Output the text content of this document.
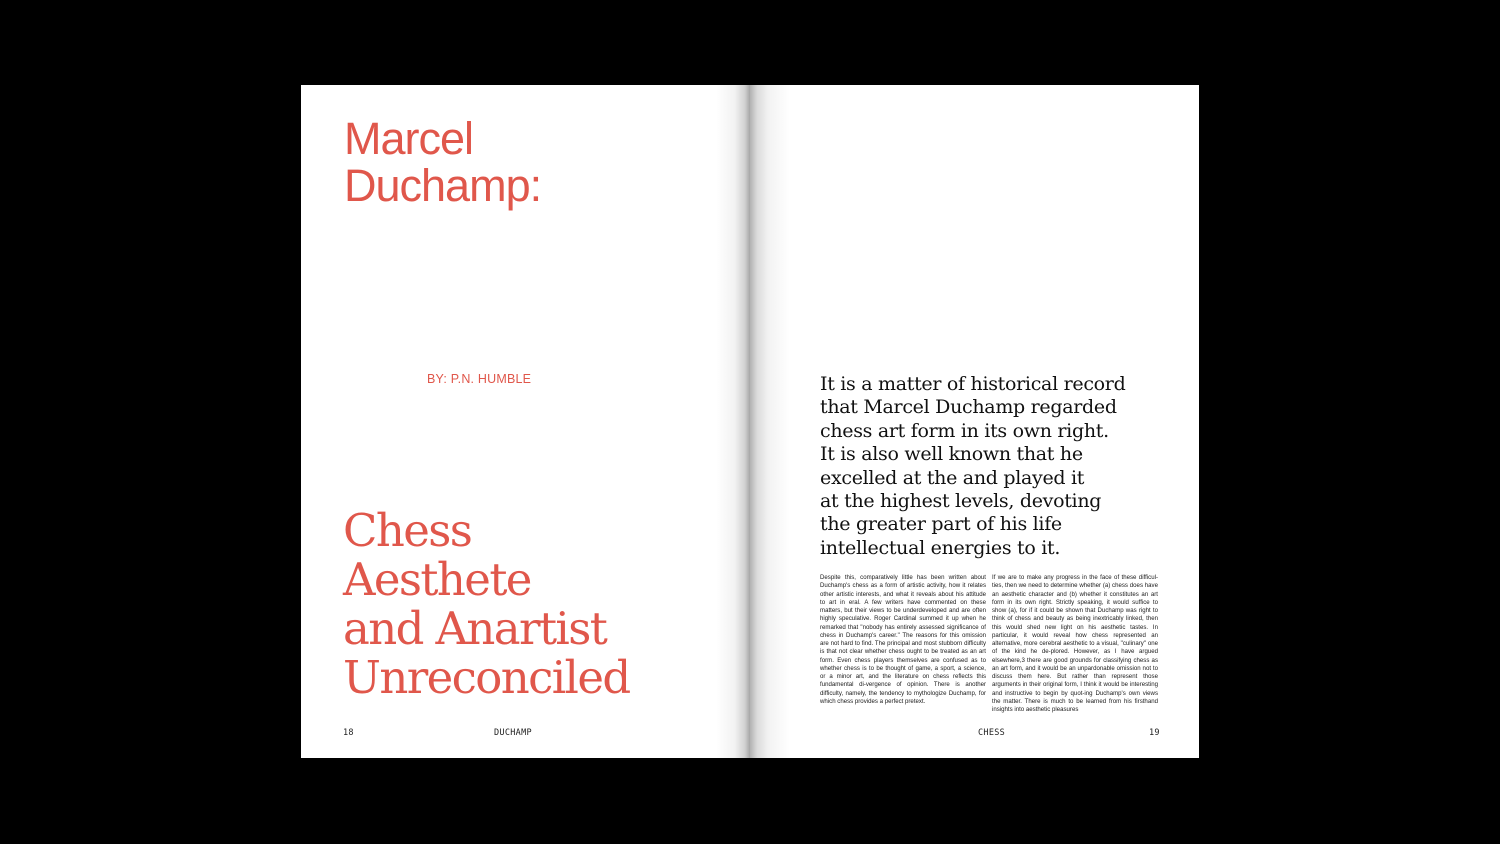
Marcel
Duchamp:
BY: P.N. HUMBLE
Chess
Aesthete
and Anartist
Unreconciled
18	DUCHAMP

It is a matter of historical record
that Marcel Duchamp regarded
chess art form in its own right.
It is also well known that he
excelled at the and played it
at the highest levels, devoting
the greater part of his life
intellectual energies to it.

Despite this, comparatively little has been written about Duchamp's chess as a form of artistic activity, how it relates other artistic interests, and what it reveals about his attitude to art in eral. A few writers have commented on these matters, but their views to be underdeveloped and are often highly speculative. Roger Cardinal summed it up when he remarked that "nobody has entirely assessed significance of chess in Duchamp's career." The reasons for this omission are not hard to find. The principal and most stubborn difficulty is that not clear whether chess ought to be treated as an art form. Even chess players themselves are confused as to whether chess is to be thought of game, a sport, a science, or a minor art, and the literature on chess reflects this fundamental di-vergence of opinion. There is another difficulty, namely, the tendency to mythologize Duchamp, for which chess provides a perfect pretext.

If we are to make any progress in the face of these difficul-ties, then we need to determine whether (a) chess does have an aesthetic character and (b) whether it constitutes an art form in its own right. Strictly speaking, it would suffice to show (a), for if it could be shown that Duchamp was right to think of chess and beauty as being inextricably linked, then this would shed new light on his aesthetic tastes. In particular, it would reveal how chess represented an alternative, more cerebral aesthetic to a visual, "culinary" one of the kind he de-plored. However, as I have argued elsewhere,3 there are good grounds for classifying chess as an art form, and it would be an unpardonable omission not to discuss them here. But rather than represent those arguments in their original form, I think it would be interesting and instructive to begin by quot-ing Duchamp's own views the matter. There is much to be learned from his firsthand insights into aesthetic pleasures

CHESS	19
